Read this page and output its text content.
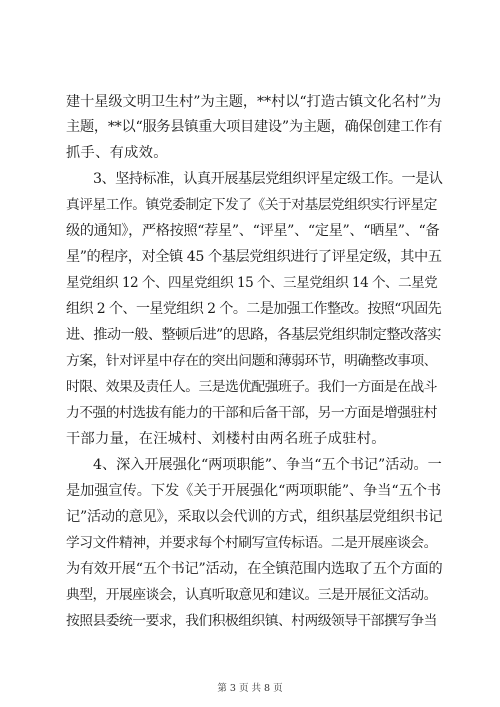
建十星级文明卫生村”为主题，**村以“打造古镇文化名村”为
主题，**以“服务县镇重大项目建设”为主题，确保创建工作有
抓手、有成效。
3、坚持标准，认真开展基层党组织评星定级工作。一是认
真评星工作。镇党委制定下发了《关于对基层党组织实行评星定
级的通知》，严格按照“荐星”、“评星”、“定星”、“晒星”、“备
星”的程序，对全镇 45 个基层党组织进行了评星定级，其中五
星党组织 12 个、四星党组织 15 个、三星党组织 14 个、二星党
组织 2 个、一星党组织 2 个。二是加强工作整改。按照“巩固先
进、推动一般、整顿后进”的思路，各基层党组织制定整改落实
方案，针对评星中存在的突出问题和薄弱环节，明确整改事项、
时限、效果及责任人。三是选优配强班子。我们一方面是在战斗
力不强的村选拔有能力的干部和后备干部，另一方面是增强驻村
干部力量，在汪城村、刘楼村由两名班子成驻村。
4、深入开展强化“两项职能”、争当“五个书记”活动。一
是加强宣传。下发《关于开展强化“两项职能”、争当“五个书
记”活动的意见》，采取以会代训的方式，组织基层党组织书记
学习文件精神，并要求每个村刷写宣传标语。二是开展座谈会。
为有效开展“五个书记”活动，在全镇范围内选取了五个方面的
典型，开展座谈会，认真听取意见和建议。三是开展征文活动。
按照县委统一要求，我们积极组织镇、村两级领导干部撰写争当
第 3 页 共 8 页
